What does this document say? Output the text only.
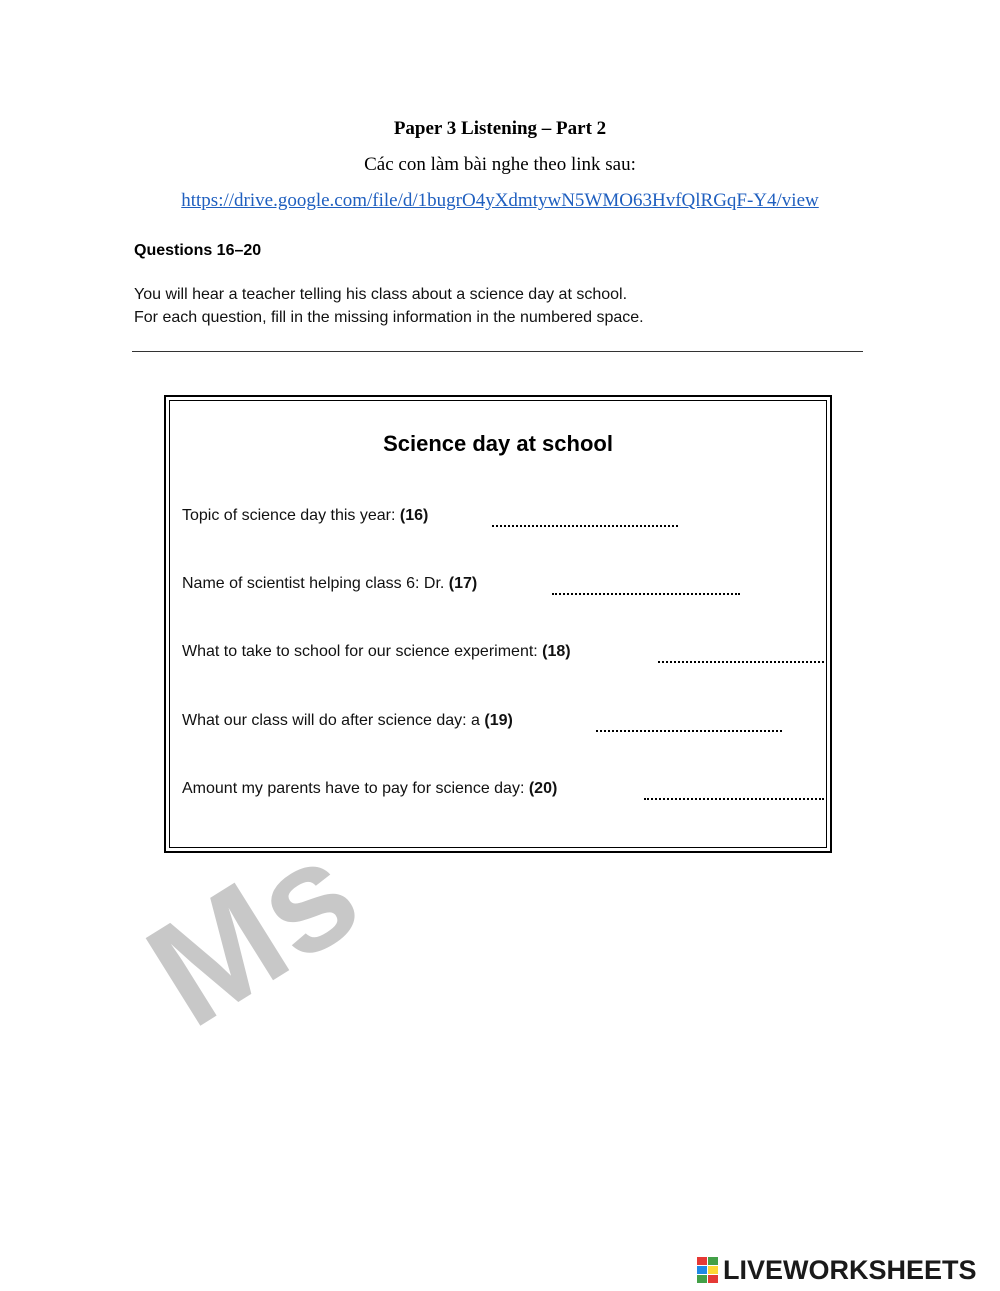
Paper 3 Listening – Part 2
Các con làm bài nghe theo link sau:
https://drive.google.com/file/d/1bugrO4yXdmtywN5WMO63HvfQlRGqF-Y4/view
Questions 16–20
You will hear a teacher telling his class about a science day at school.
For each question, fill in the missing information in the numbered space.
Science day at school
Topic of science day this year: (16)
Name of scientist helping class 6: Dr. (17)
What to take to school for our science experiment: (18)
What our class will do after science day: a (19)
Amount my parents have to pay for science day: (20)
Ms
LIVEWORKSHEETS
